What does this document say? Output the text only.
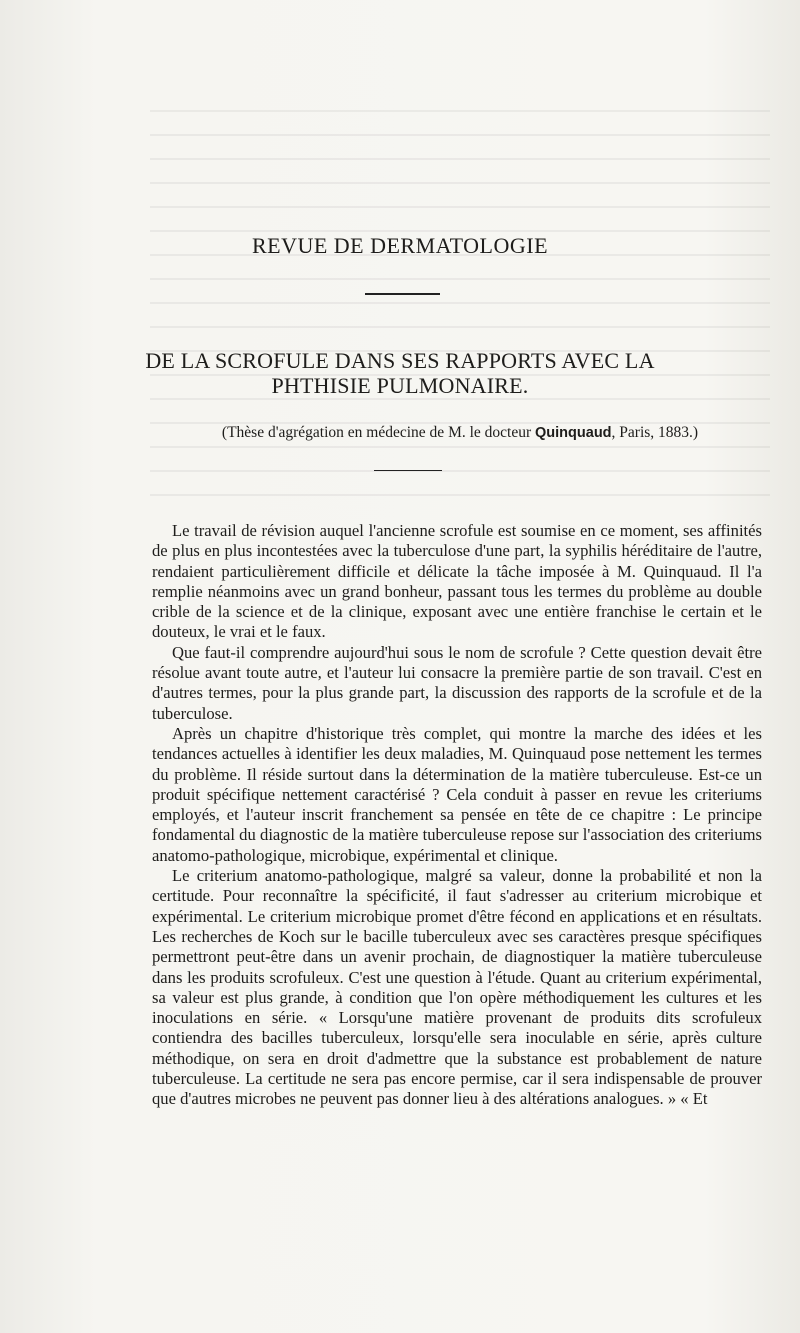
REVUE DE DERMATOLOGIE
DE LA SCROFULE DANS SES RAPPORTS AVEC LA PHTHISIE PULMONAIRE.

(Thèse d'agrégation en médecine de M. le docteur Quinquaud, Paris, 1883.)

Le travail de révision auquel l'ancienne scrofule est soumise en ce moment, ses affinités de plus en plus incontestées avec la tuberculose d'une part, la syphilis héréditaire de l'autre, rendaient particulièrement difficile et délicate la tâche imposée à M. Quinquaud. Il l'a remplie néanmoins avec un grand bonheur, passant tous les termes du problème au double crible de la science et de la clinique, exposant avec une entière franchise le certain et le douteux, le vrai et le faux.

Que faut-il comprendre aujourd'hui sous le nom de scrofule ? Cette question devait être résolue avant toute autre, et l'auteur lui consacre la première partie de son travail. C'est en d'autres termes, pour la plus grande part, la discussion des rapports de la scrofule et de la tuberculose.

Après un chapitre d'historique très complet, qui montre la marche des idées et les tendances actuelles à identifier les deux maladies, M. Quinquaud pose nettement les termes du problème. Il réside surtout dans la détermination de la matière tuberculeuse. Est-ce un produit spécifique nettement caractérisé ? Cela conduit à passer en revue les criteriums employés, et l'auteur inscrit franchement sa pensée en tête de ce chapitre : Le principe fondamental du diagnostic de la matière tuberculeuse repose sur l'association des criteriums anatomo-pathologique, microbique, expérimental et clinique.

Le criterium anatomo-pathologique, malgré sa valeur, donne la probabilité et non la certitude. Pour reconnaître la spécificité, il faut s'adresser au criterium microbique et expérimental. Le criterium microbique promet d'être fécond en applications et en résultats. Les recherches de Koch sur le bacille tuberculeux avec ses caractères presque spécifiques permettront peut-être dans un avenir prochain, de diagnostiquer la matière tuberculeuse dans les produits scrofuleux. C'est une question à l'étude. Quant au criterium expérimental, sa valeur est plus grande, à condition que l'on opère méthodiquement les cultures et les inoculations en série. « Lorsqu'une matière provenant de produits dits scrofuleux contiendra des bacilles tuberculeux, lorsqu'elle sera inoculable en série, après culture méthodique, on sera en droit d'admettre que la substance est probablement de nature tuberculeuse. La certitude ne sera pas encore permise, car il sera indispensable de prouver que d'autres microbes ne peuvent pas donner lieu à des altérations analogues. » « Et
